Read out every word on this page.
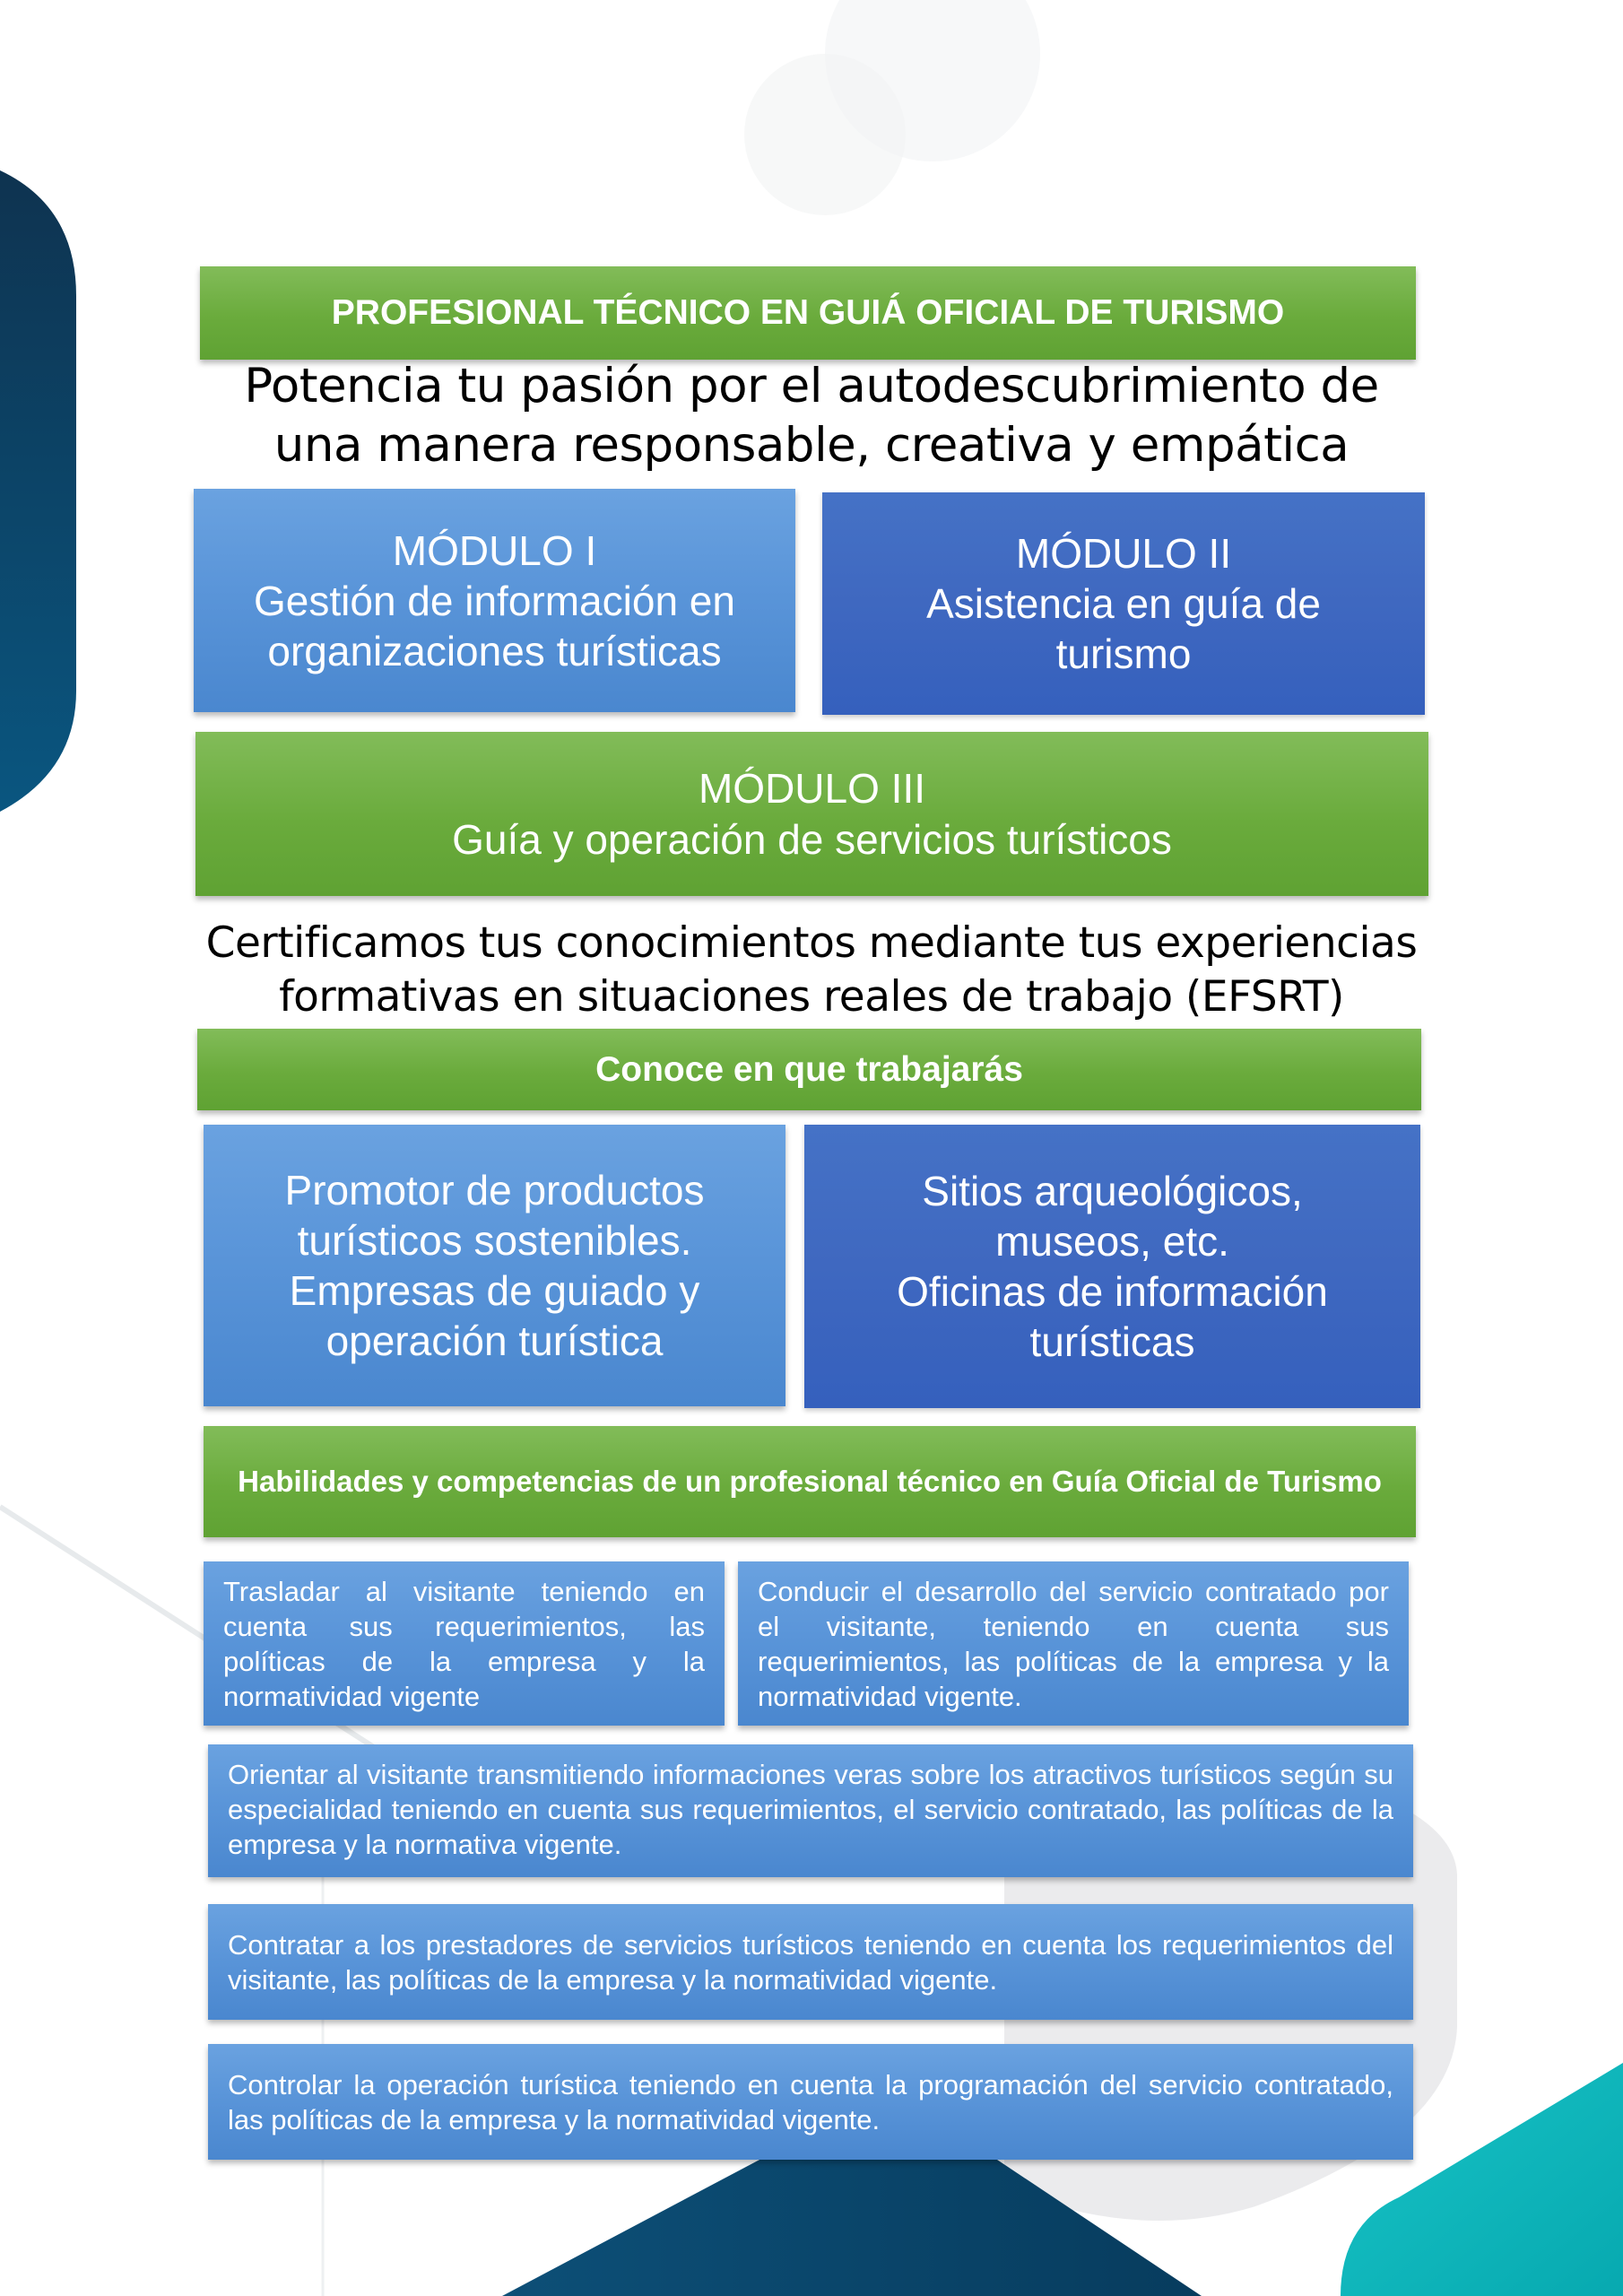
PROFESIONAL TÉCNICO EN GUIÁ OFICIAL DE TURISMO
Potencia tu pasión por el autodescubrimiento de
una manera responsable, creativa y empática
MÓDULO I
Gestión de información en
organizaciones turísticas
MÓDULO II
Asistencia en guía de
turismo
MÓDULO III
Guía y operación de servicios turísticos
Certificamos tus conocimientos mediante tus experiencias
formativas en situaciones reales de trabajo (EFSRT)
Conoce en que trabajarás
Promotor de productos
turísticos sostenibles.
Empresas de guiado y
operación turística
Sitios arqueológicos,
museos, etc.
Oficinas de información
turísticas
Habilidades y competencias de un profesional técnico en Guía Oficial de Turismo
Trasladar al visitante teniendo en cuenta sus requerimientos, las políticas de la empresa y la normatividad vigente
Conducir el desarrollo del servicio contratado por el visitante, teniendo en cuenta sus requerimientos, las políticas de la empresa y la normatividad vigente.
Orientar al visitante transmitiendo informaciones veras sobre los atractivos turísticos según su especialidad teniendo en cuenta sus requerimientos, el servicio contratado, las políticas de la empresa y la normativa vigente.
Contratar a los prestadores de servicios turísticos teniendo en cuenta los requerimientos del visitante, las políticas de la empresa y la normatividad vigente.
Controlar la operación turística teniendo en cuenta la programación del servicio contratado, las políticas de la empresa y la normatividad vigente.
